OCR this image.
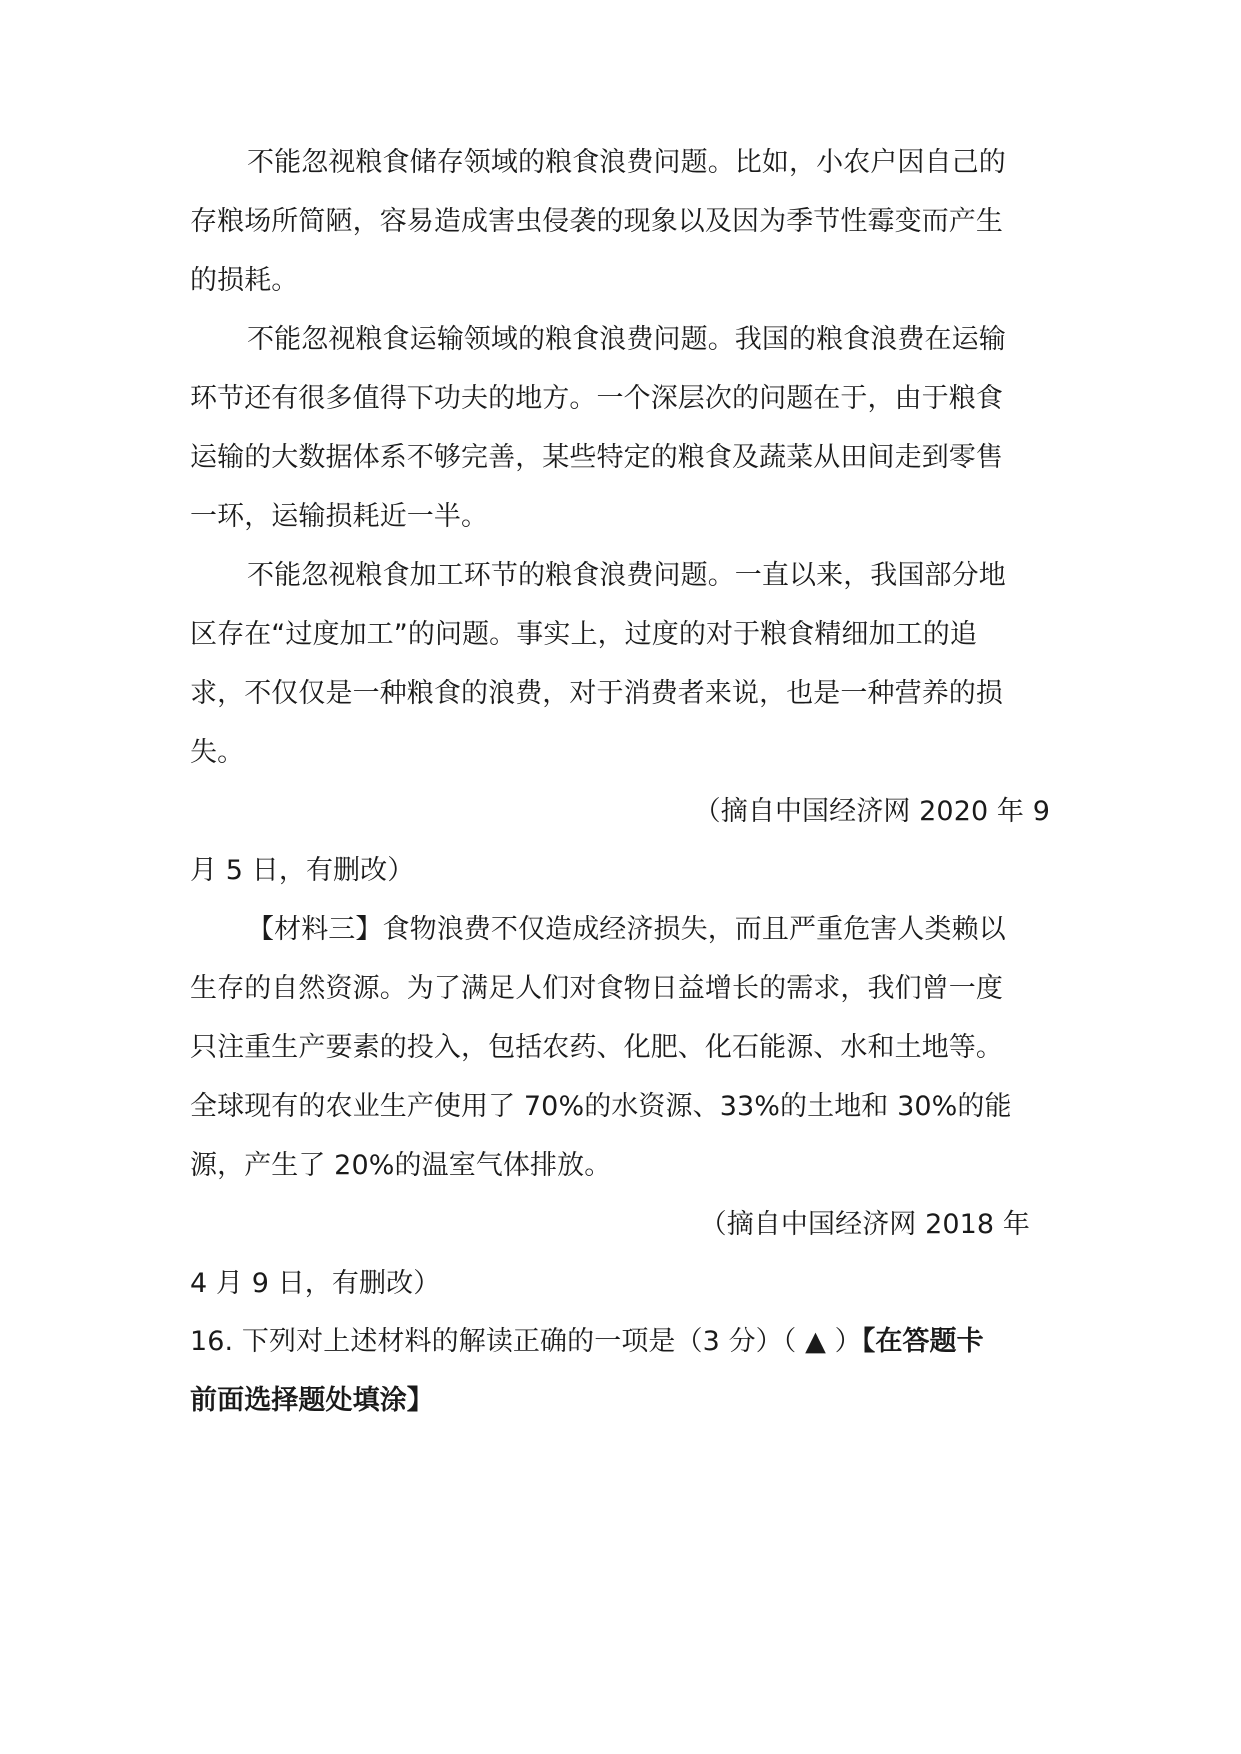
不能忽视粮食储存领域的粮食浪费问题。比如，小农户因自己的
存粮场所简陋，容易造成害虫侵袭的现象以及因为季节性霉变而产生
的损耗。
不能忽视粮食运输领域的粮食浪费问题。我国的粮食浪费在运输
环节还有很多值得下功夫的地方。一个深层次的问题在于，由于粮食
运输的大数据体系不够完善，某些特定的粮食及蔬菜从田间走到零售
一环，运输损耗近一半。
不能忽视粮食加工环节的粮食浪费问题。一直以来，我国部分地
区存在“过度加工”的问题。事实上，过度的对于粮食精细加工的追
求，不仅仅是一种粮食的浪费，对于消费者来说，也是一种营养的损
失。
（摘自中国经济网 2020 年 9
月 5 日，有删改）
【材料三】食物浪费不仅造成经济损失，而且严重危害人类赖以
生存的自然资源。为了满足人们对食物日益增长的需求，我们曾一度
只注重生产要素的投入，包括农药、化肥、化石能源、水和土地等。
全球现有的农业生产使用了 70%的水资源、33%的土地和 30%的能
源，产生了 20%的温室气体排放。
（摘自中国经济网 2018 年
4 月 9 日，有删改）
16. 下列对上述材料的解读正确的一项是（3 分）（ ▲ ）【在答题卡
前面选择题处填涂】
